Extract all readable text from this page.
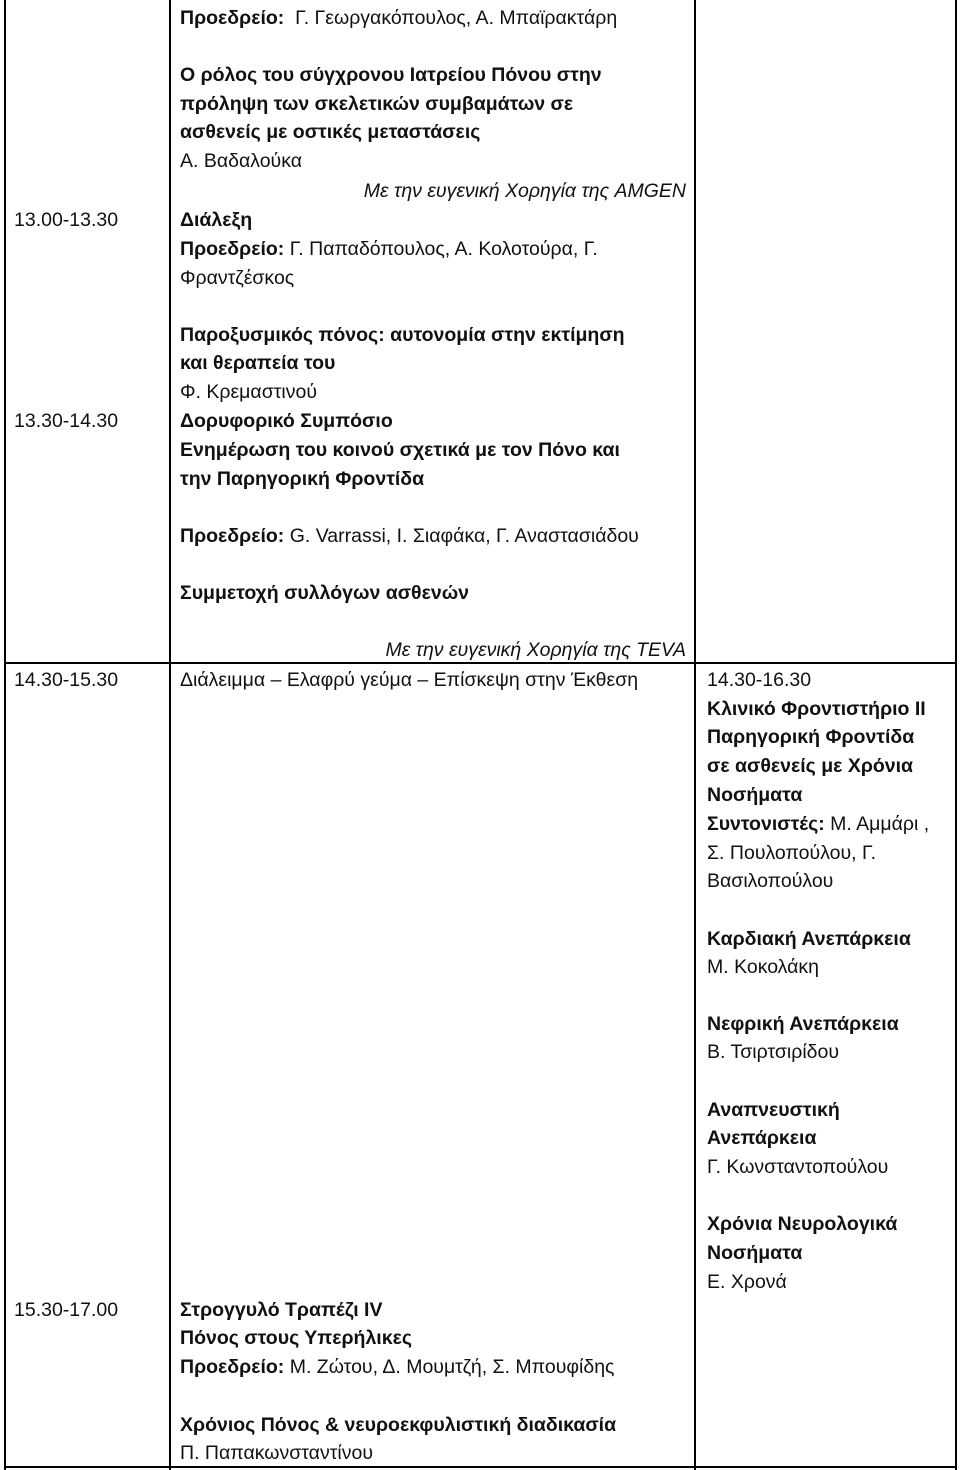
13.00-13.30
13.30-14.30
14.30-15.30
15.30-17.00
Προεδρείο: Γ. Γεωργακόπουλος, Α. Μπαϊρακτάρη
Ο ρόλος του σύγχρονου Ιατρείου Πόνου στην
πρόληψη των σκελετικών συμβαμάτων σε
ασθενείς με οστικές μεταστάσεις
Α. Βαδαλούκα
Με την ευγενική Χορηγία της AMGEN
Διάλεξη
Προεδρείο: Γ. Παπαδόπουλος, Α. Κολοτούρα, Γ.
Φραντζέσκος
Παροξυσμικός πόνος: αυτονομία στην εκτίμηση
και θεραπεία του
Φ. Κρεμαστινού
Δορυφορικό Συμπόσιο
Ενημέρωση του κοινού σχετικά με τον Πόνο και
την Παρηγορική Φροντίδα
Προεδρείο: G. Varrassi, Ι. Σιαφάκα, Γ. Αναστασιάδου
Συμμετοχή συλλόγων ασθενών
Με την ευγενική Χορηγία της TEVA
Διάλειμμα – Ελαφρύ γεύμα – Επίσκεψη στην Έκθεση
Στρογγυλό Τραπέζι IV
Πόνος στους Υπερήλικες
Προεδρείο: Μ. Ζώτου, Δ. Μουμτζή, Σ. Μπουφίδης
Χρόνιος Πόνος & νευροεκφυλιστική διαδικασία
Π. Παπακωνσταντίνου
14.30-16.30
Κλινικό Φροντιστήριο ΙΙ
Παρηγορική Φροντίδα
σε ασθενείς με Χρόνια
Νοσήματα
Συντονιστές: Μ. Αμμάρι ,
Σ. Πουλοπούλου, Γ.
Βασιλοπούλου
Καρδιακή Ανεπάρκεια
Μ. Κοκολάκη
Νεφρική Ανεπάρκεια
Β. Τσιρτσιρίδου
Αναπνευστική
Ανεπάρκεια
Γ. Κωνσταντοπούλου
Χρόνια Νευρολογικά
Νοσήματα
Ε. Χρονά
